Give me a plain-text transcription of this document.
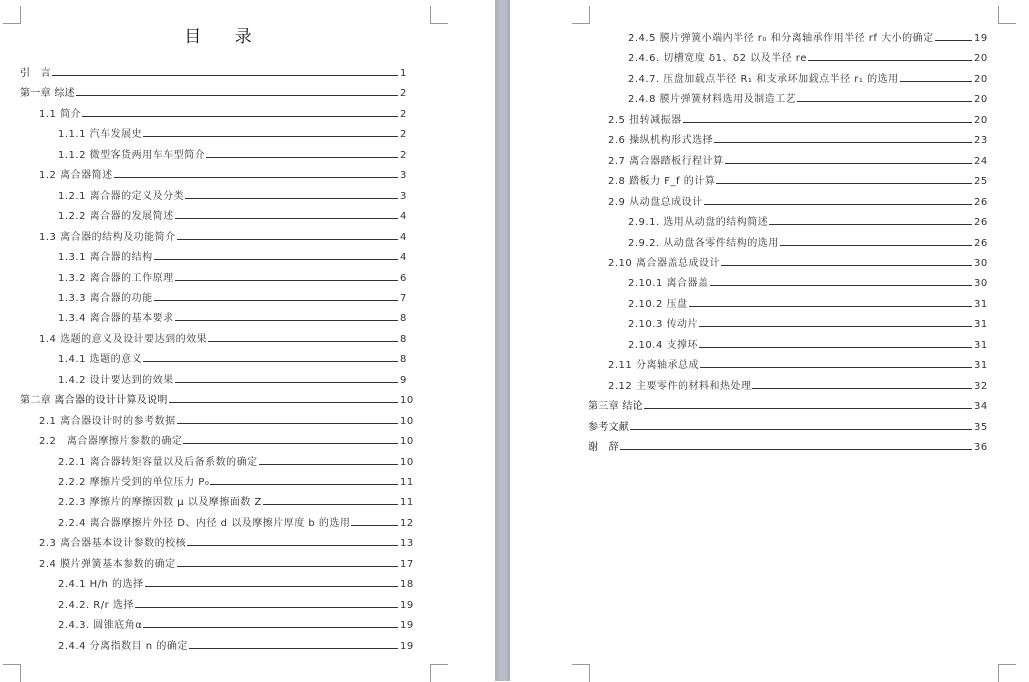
目 录
引　言	1
第一章 综述	2
1.1 简介	2
1.1.1 汽车发展史	2
1.1.2 微型客货两用车车型简介	2
1.2 离合器简述	3
1.2.1 离合器的定义及分类	3
1.2.2 离合器的发展简述	4
1.3 离合器的结构及功能简介	4
1.3.1 离合器的结构	4
1.3.2 离合器的工作原理	6
1.3.3 离合器的功能	7
1.3.4 离合器的基本要求	8
1.4 选题的意义及设计要达到的效果	8
1.4.1 选题的意义	8
1.4.2 设计要达到的效果	9
第二章 离合器的设计计算及说明	10
2.1 离合器设计时的参考数据	10
2.2　离合器摩擦片参数的确定	10
2.2.1 离合器转矩容量以及后备系数的确定	10
2.2.2 摩擦片受到的单位压力 P₀	11
2.2.3 摩擦片的摩擦因数 μ 以及摩擦面数 Z	11
2.2.4 离合器摩擦片外径 D、内径 d 以及摩擦片厚度 b 的选用	12
2.3 离合器基本设计参数的校核	13
2.4 膜片弹簧基本参数的确定	17
2.4.1 H/h 的选择	18
2.4.2. R/r 选择	19
2.4.3. 圆锥底角α	19
2.4.4 分离指数目 n 的确定	19
2.4.5 膜片弹簧小端内半径 r₀ 和分离轴承作用半径 rf 大小的确定	19
2.4.6. 切槽宽度 δ1、δ2 以及半径 re	20
2.4.7. 压盘加载点半径 R₁ 和支承环加载点半径 r₁ 的选用	20
2.4.8 膜片弹簧材料选用及制造工艺	20
2.5 扭转减振器	20
2.6 操纵机构形式选择	23
2.7 离合器踏板行程计算	24
2.8 踏板力 F_f 的计算	25
2.9 从动盘总成设计	26
2.9.1. 选用从动盘的结构简述	26
2.9.2. 从动盘各零件结构的选用	26
2.10 离合器盖总成设计	30
2.10.1 离合器盖	30
2.10.2 压盘	31
2.10.3 传动片	31
2.10.4 支撑环	31
2.11 分离轴承总成	31
2.12 主要零件的材料和热处理	32
第三章 结论	34
参考文献	35
谢　辞	36
